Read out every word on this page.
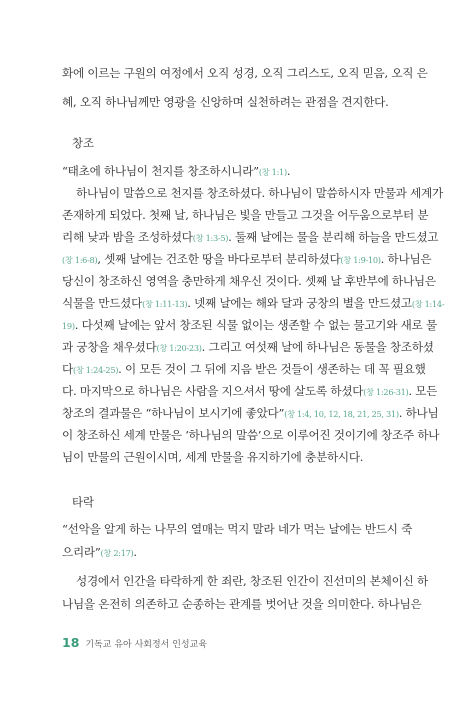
화에 이르는 구원의 여정에서 오직 성경, 오직 그리스도, 오직 믿음, 오직 은
혜, 오직 하나님께만 영광을 신앙하며 실천하려는 관점을 견지한다.
창조
“태초에 하나님이 천지를 창조하시니라”(창 1:1).
하나님이 말씀으로 천지를 창조하셨다. 하나님이 말씀하시자 만물과 세계가
존재하게 되었다. 첫째 날, 하나님은 빛을 만들고 그것을 어두움으로부터 분
리해 낮과 밤을 조성하셨다(창 1:3-5). 둘째 날에는 물을 분리해 하늘을 만드셨고
(창 1:6-8), 셋째 날에는 건조한 땅을 바다로부터 분리하셨다(창 1:9-10). 하나님은
당신이 창조하신 영역을 충만하게 채우신 것이다. 셋째 날 후반부에 하나님은
식물을 만드셨다(창 1:11-13). 넷째 날에는 해와 달과 궁창의 별을 만드셨고(창 1:14-
19). 다섯째 날에는 앞서 창조된 식물 없이는 생존할 수 없는 물고기와 새로 물
과 궁창을 채우셨다(창 1:20-23). 그리고 여섯째 날에 하나님은 동물을 창조하셨
다(창 1:24-25). 이 모든 것이 그 뒤에 지음 받은 것들이 생존하는 데 꼭 필요했
다. 마지막으로 하나님은 사람을 지으셔서 땅에 살도록 하셨다(창 1:26-31). 모든
창조의 결과물은 “하나님이 보시기에 좋았다”(창 1:4, 10, 12, 18, 21, 25, 31). 하나님
이 창조하신 세계 만물은 ‘하나님의 말씀’으로 이루어진 것이기에 창조주 하나
님이 만물의 근원이시며, 세계 만물을 유지하기에 충분하시다.
타락
“선악을 알게 하는 나무의 열매는 먹지 말라 네가 먹는 날에는 반드시 죽
으리라”(창 2:17).
성경에서 인간을 타락하게 한 죄란, 창조된 인간이 진선미의 본체이신 하
나님을 온전히 의존하고 순종하는 관계를 벗어난 것을 의미한다. 하나님은
18 기독교 유아 사회정서 인성교육
